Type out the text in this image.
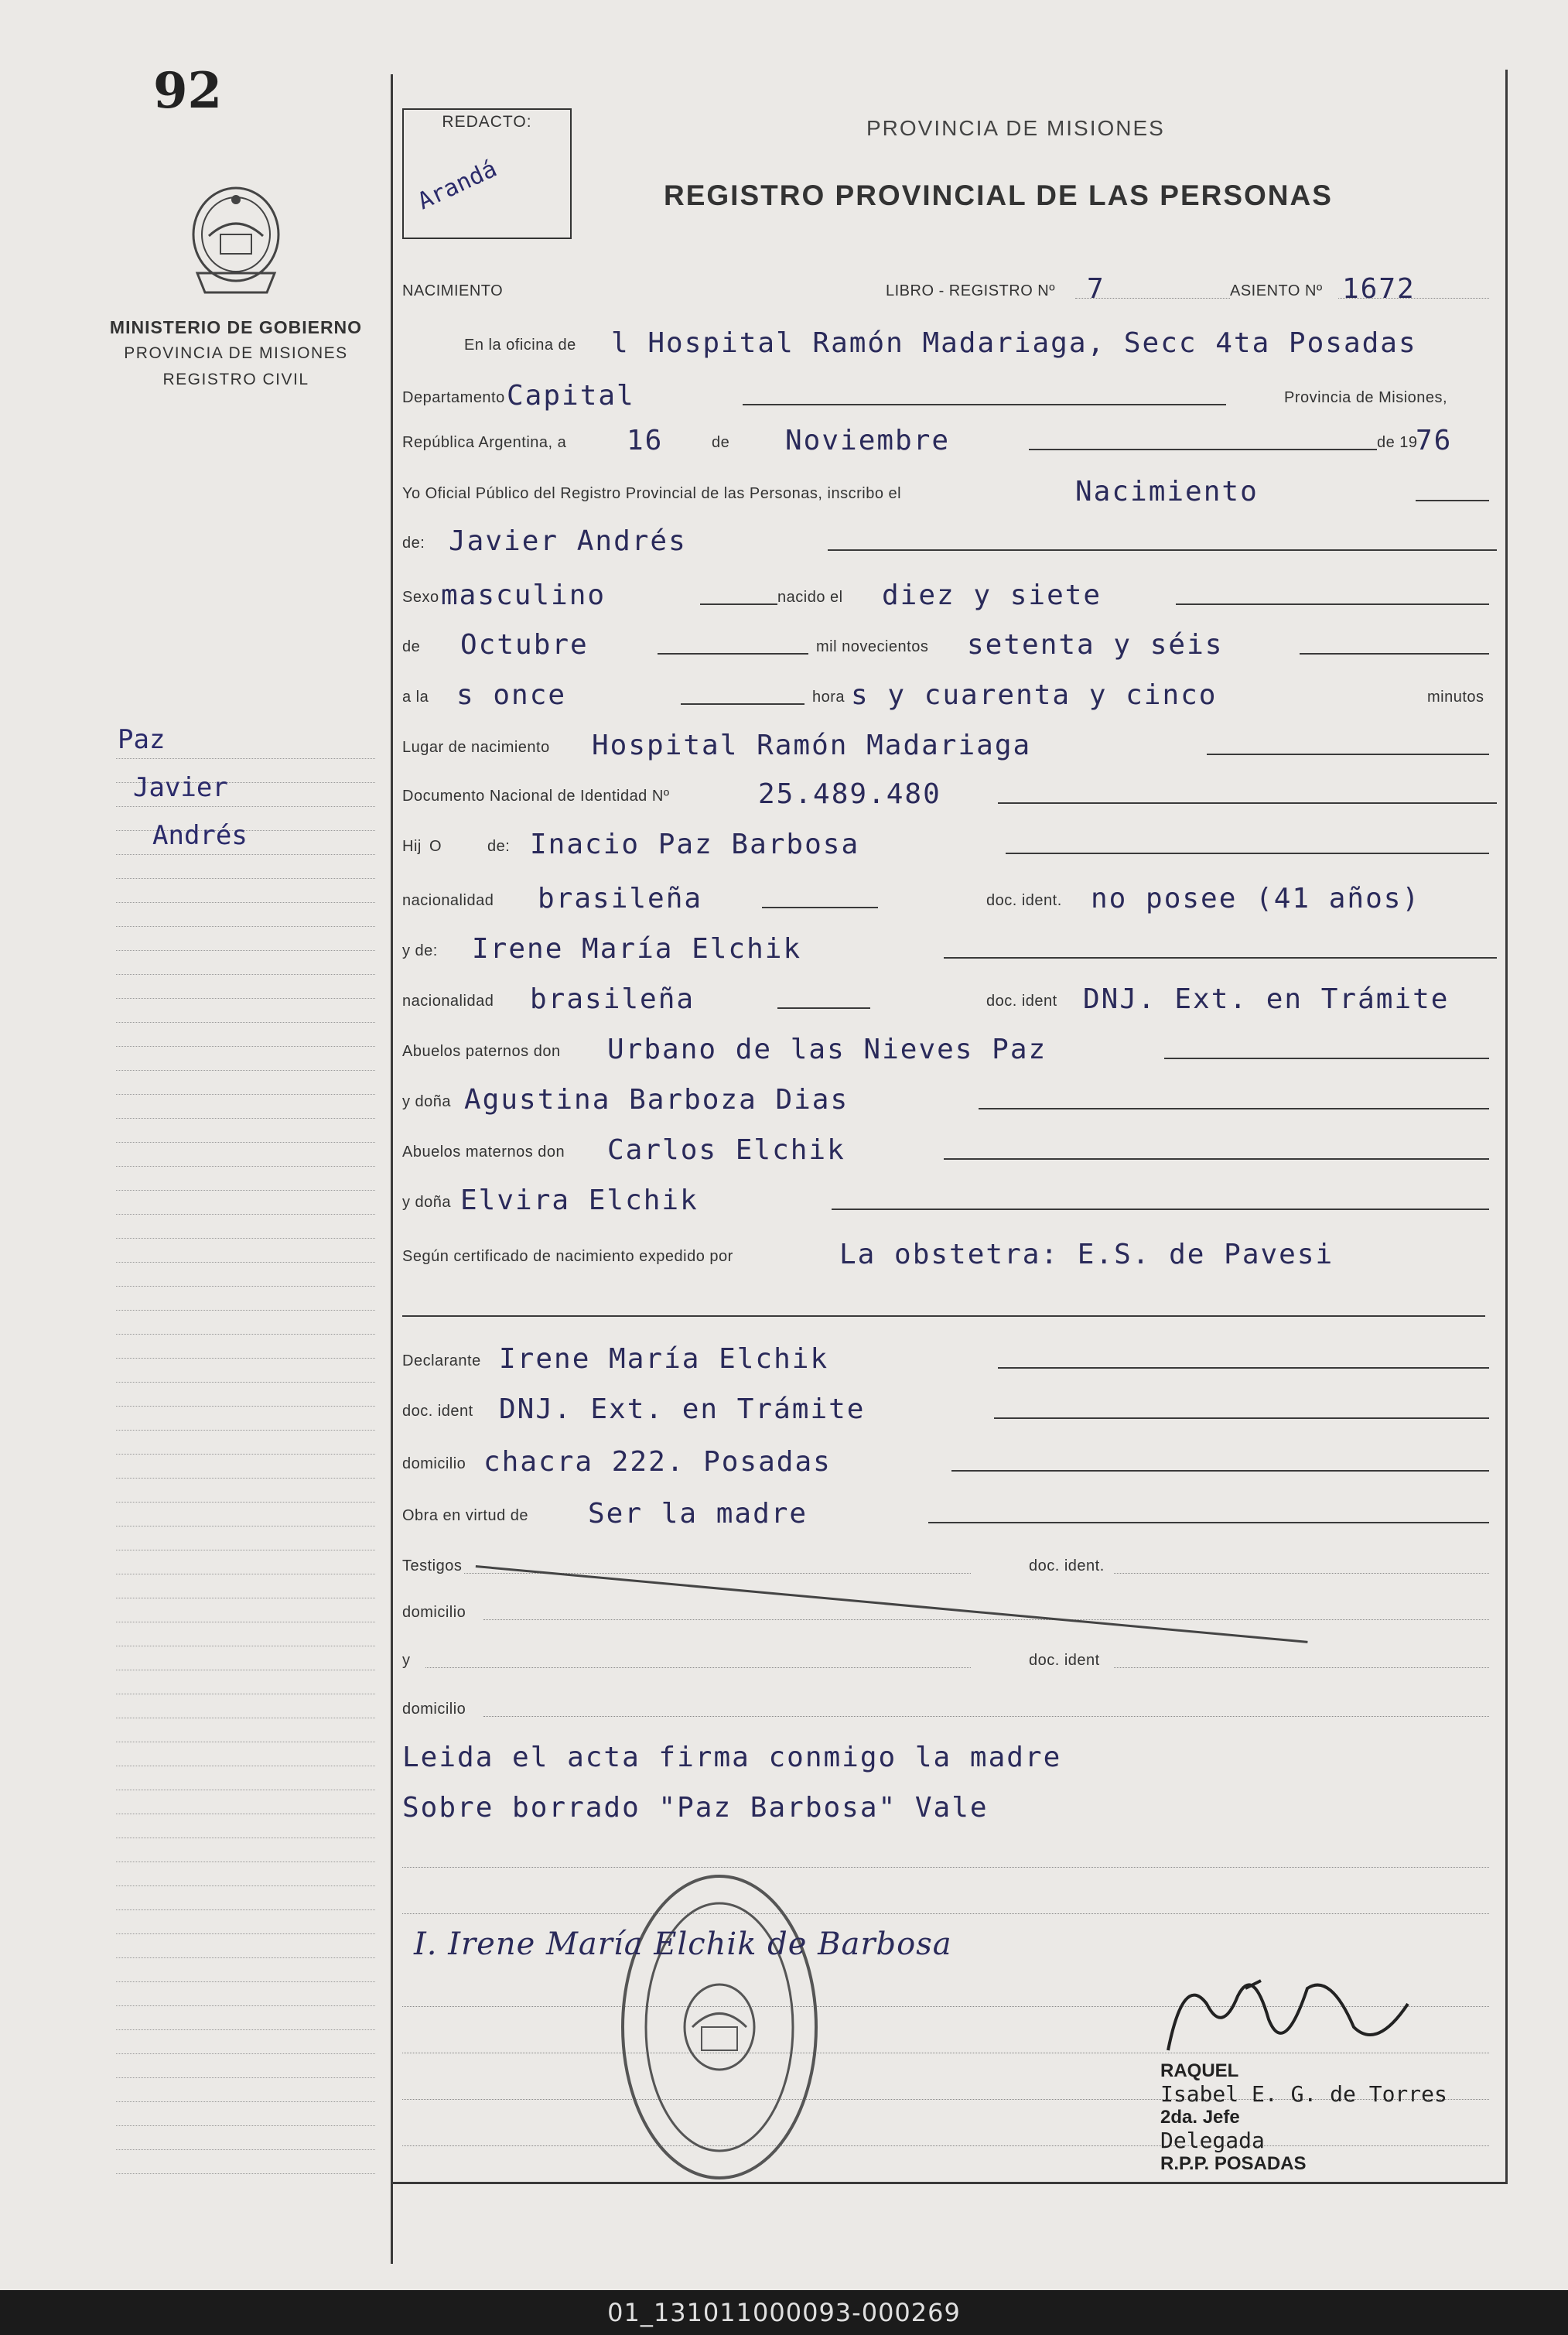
92
MINISTERIO DE GOBIERNO
PROVINCIA DE MISIONES
REGISTRO CIVIL
Paz
Javier
Andrés
REDACTO:
Arandá
PROVINCIA DE MISIONES
REGISTRO PROVINCIAL DE LAS PERSONAS
NACIMIENTO	LIBRO - REGISTRO Nº 7	ASIENTO Nº 1672
En la oficina de l Hospital Ramón Madariaga, Secc 4ta Posadas
Departamento Capital	Provincia de Misiones,
República Argentina, a 16	de Noviembre	de 19
76
Yo Oficial Público del Registro Provincial de las Personas, inscribo el	Nacimiento
de: Javier Andrés
Sexo masculino	nacido el diez y siete
de Octubre	mil novecientos setenta y séis
a la s once	hora s y cuarenta y cinco	minutos
Lugar de nacimiento Hospital Ramón Madariaga
Documento Nacional de Identidad Nº	25.489.480
Hij O	de: Inacio Paz Barbosa
nacionalidad brasileña	doc. ident. no posee (41 años)
y de: Irene María Elchik
nacionalidad brasileña	doc. ident DNJ. Ext. en Trámite
Abuelos paternos don Urbano de las Nieves Paz
y doña Agustina Barboza Dias
Abuelos maternos don Carlos Elchik
y doña Elvira Elchik
Según certificado de nacimiento expedido por	La obstetra: E.S. de Pavesi
Declarante Irene María Elchik
doc. ident DNJ. Ext. en Trámite
domicilio chacra 222. Posadas
Obra en virtud de Ser la madre
Testigos	doc. ident.
domicilio
y	doc. ident
domicilio
Leida el acta firma conmigo la madre
Sobre borrado "Paz Barbosa" Vale
I. Irene María Elchik de Barbosa
RAQUEL
Isabel E. G. de Torres
2da. Jefe
Delegada
R.P.P. POSADAS
01_131011000093-000269
